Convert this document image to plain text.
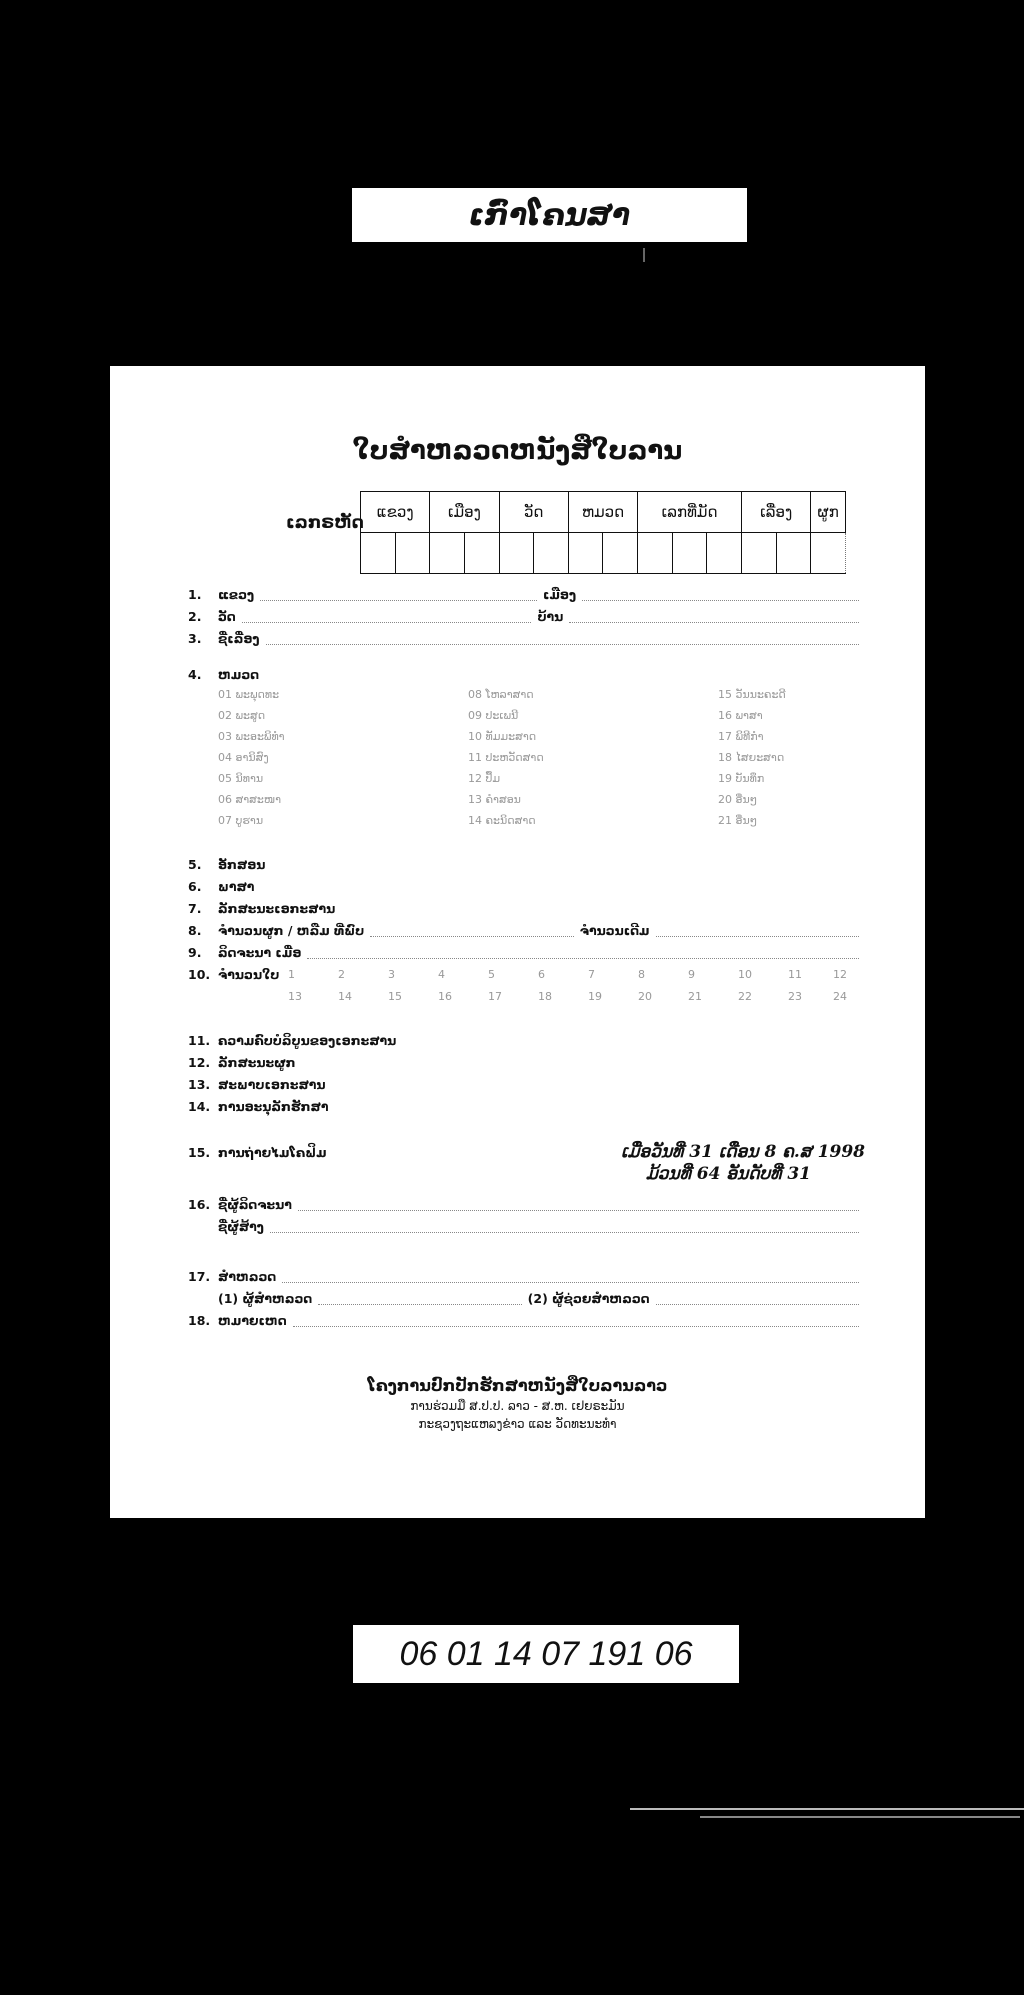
ເກົ່າໂຄນສາ
ໃບສຳຫລວດຫນັງສືໃບລານ
ເລກຣຫັດ
ແຂວງ		ເມືອງ		ວັດ		ຫມວດ		ເລກທີ່ມັດ			ເລື່ອງ		ຜູກ

1.	ແຂວງ	ເມືອງ
2.	ວັດ	ບ້ານ
3.	ຊື່ເລື່ອງ
4.	ຫມວດ
01 ພະພຸດທະ
02 ພະສູດ
03 ພະອະພິທຳ
04 ອານິສົງ
05 ນິທານ
06 ສາສະໜາ
07 ບູຮານ
08 ໂຫລາສາດ
09 ປະເພນີ
10 ທັມມະສາດ
11 ປະຫວັດສາດ
12 ປຶ້ມ
13 ຄຳສອນ
14 ຄະນິດສາດ
15 ວັນນະຄະດີ
16 ພາສາ
17 ພິທີກຳ
18 ໄສຍະສາດ
19 ບັນທຶກ
20 ອື່ນໆ
21 ອື່ນໆ
5.	ອັກສອນ
6.	ພາສາ
7.	ລັກສະນະເອກະສານ
8.	ຈຳນວນຜູກ / ຫລືມ ທີ່ພົບ	ຈຳນວນເດີມ
9.	ລິດຈະນາ ເມື່ອ
10. ຈຳນວນໃບ 1	2	3	4	5	6	7	8	9	10	11	12
13	14	15	16	17	18	19	20	21	22	23	24
11. ຄວາມຄົບບໍລິບູນຂອງເອກະສານ
12. ລັກສະນະຜູກ
13. ສະພາບເອກະສານ
14. ການອະນຸລັກຮັກສາ
15. ການຖ່າຍໄມໂຄຟິມ	ເມື່ອວັນທີ່ 31 ເດືອນ 8 ຄ.ສ 1998
ມ້ວນທີ່ 64 ອັນດັບທີ່ 31
16. ຊື່ຜູ້ລິດຈະນາ
ຊື່ຜູ້ສ້າງ
17. ສຳຫລວດ
(1) ຜູ້ສຳຫລວດ	(2) ຜູ້ຊ່ວຍສຳຫລວດ
18. ຫມາຍເຫດ
ໂຄງການປົກປັກຮັກສາຫນັງສືໃບລານລາວ
ການຮ່ວມມື ສ.ປ.ປ. ລາວ - ສ.ຫ. ເຢຍຣະມັນ
ກະຊວງຖະແຫລງຂ່າວ ແລະ ວັດທະນະທຳ
06 01 14 07 191 06
